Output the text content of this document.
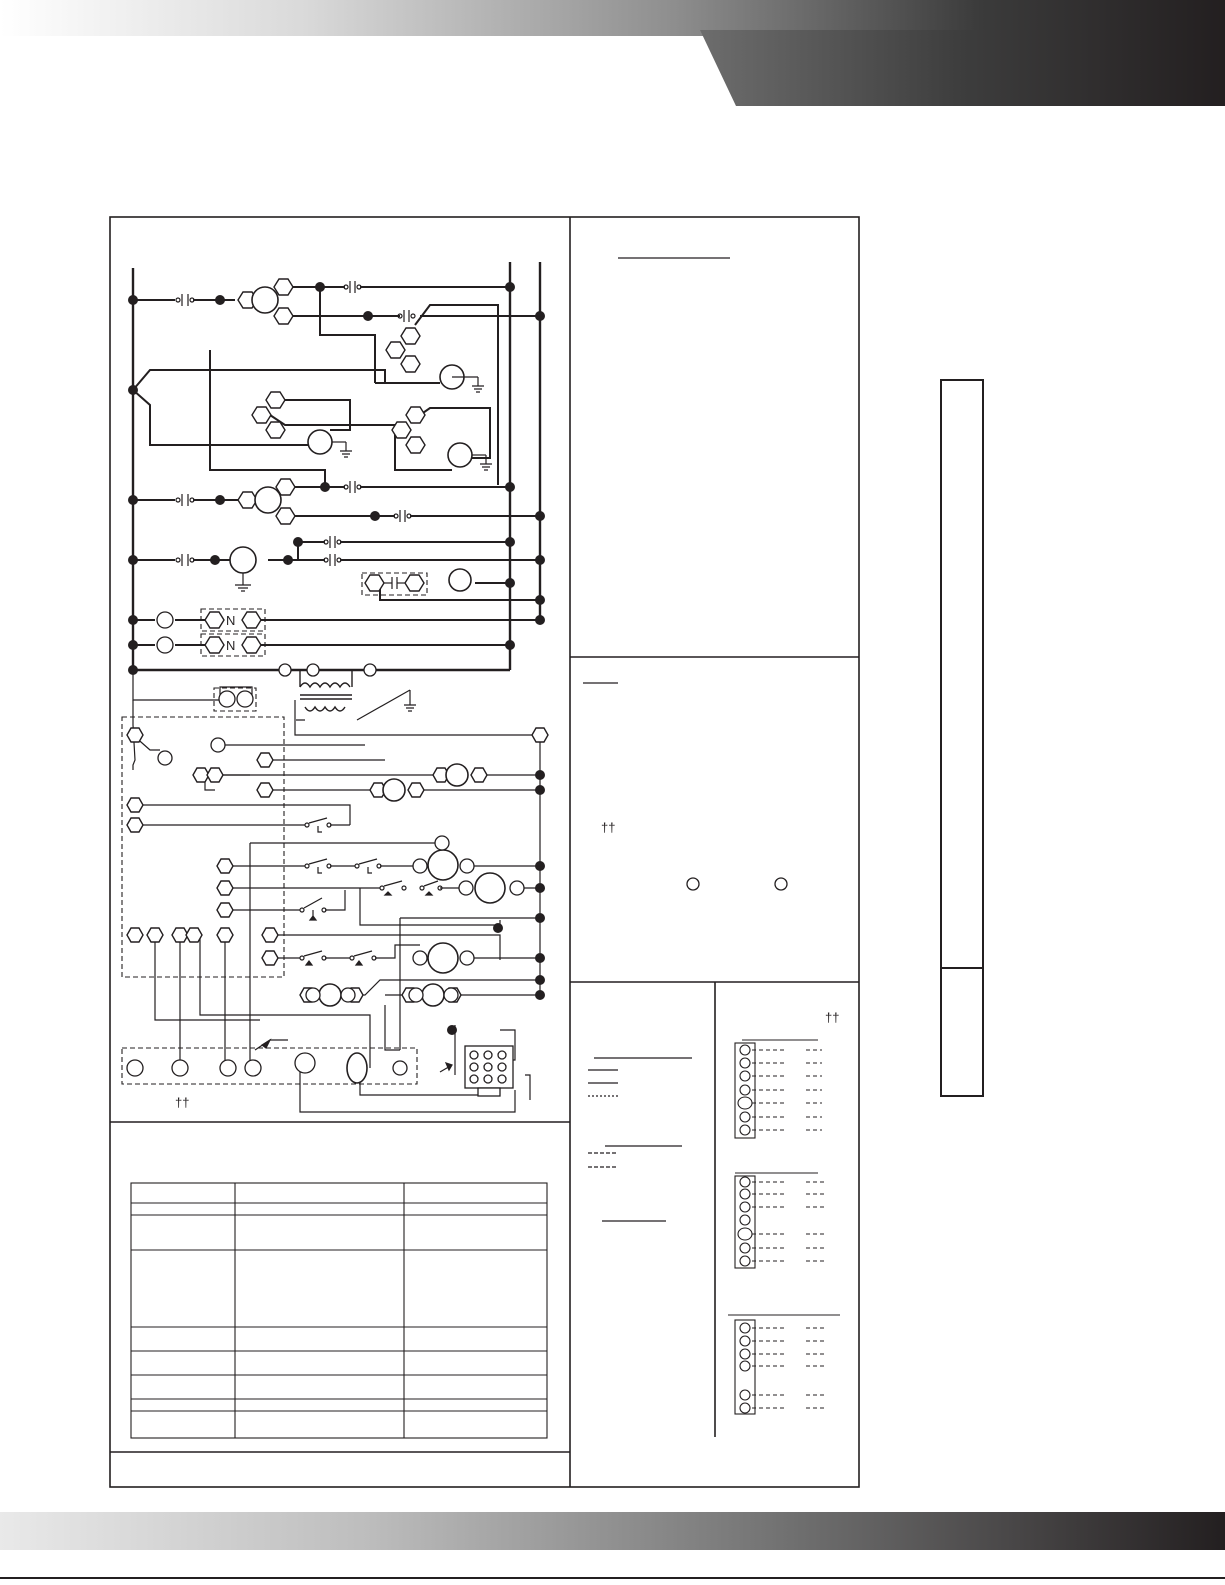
N
N
††
††
††
